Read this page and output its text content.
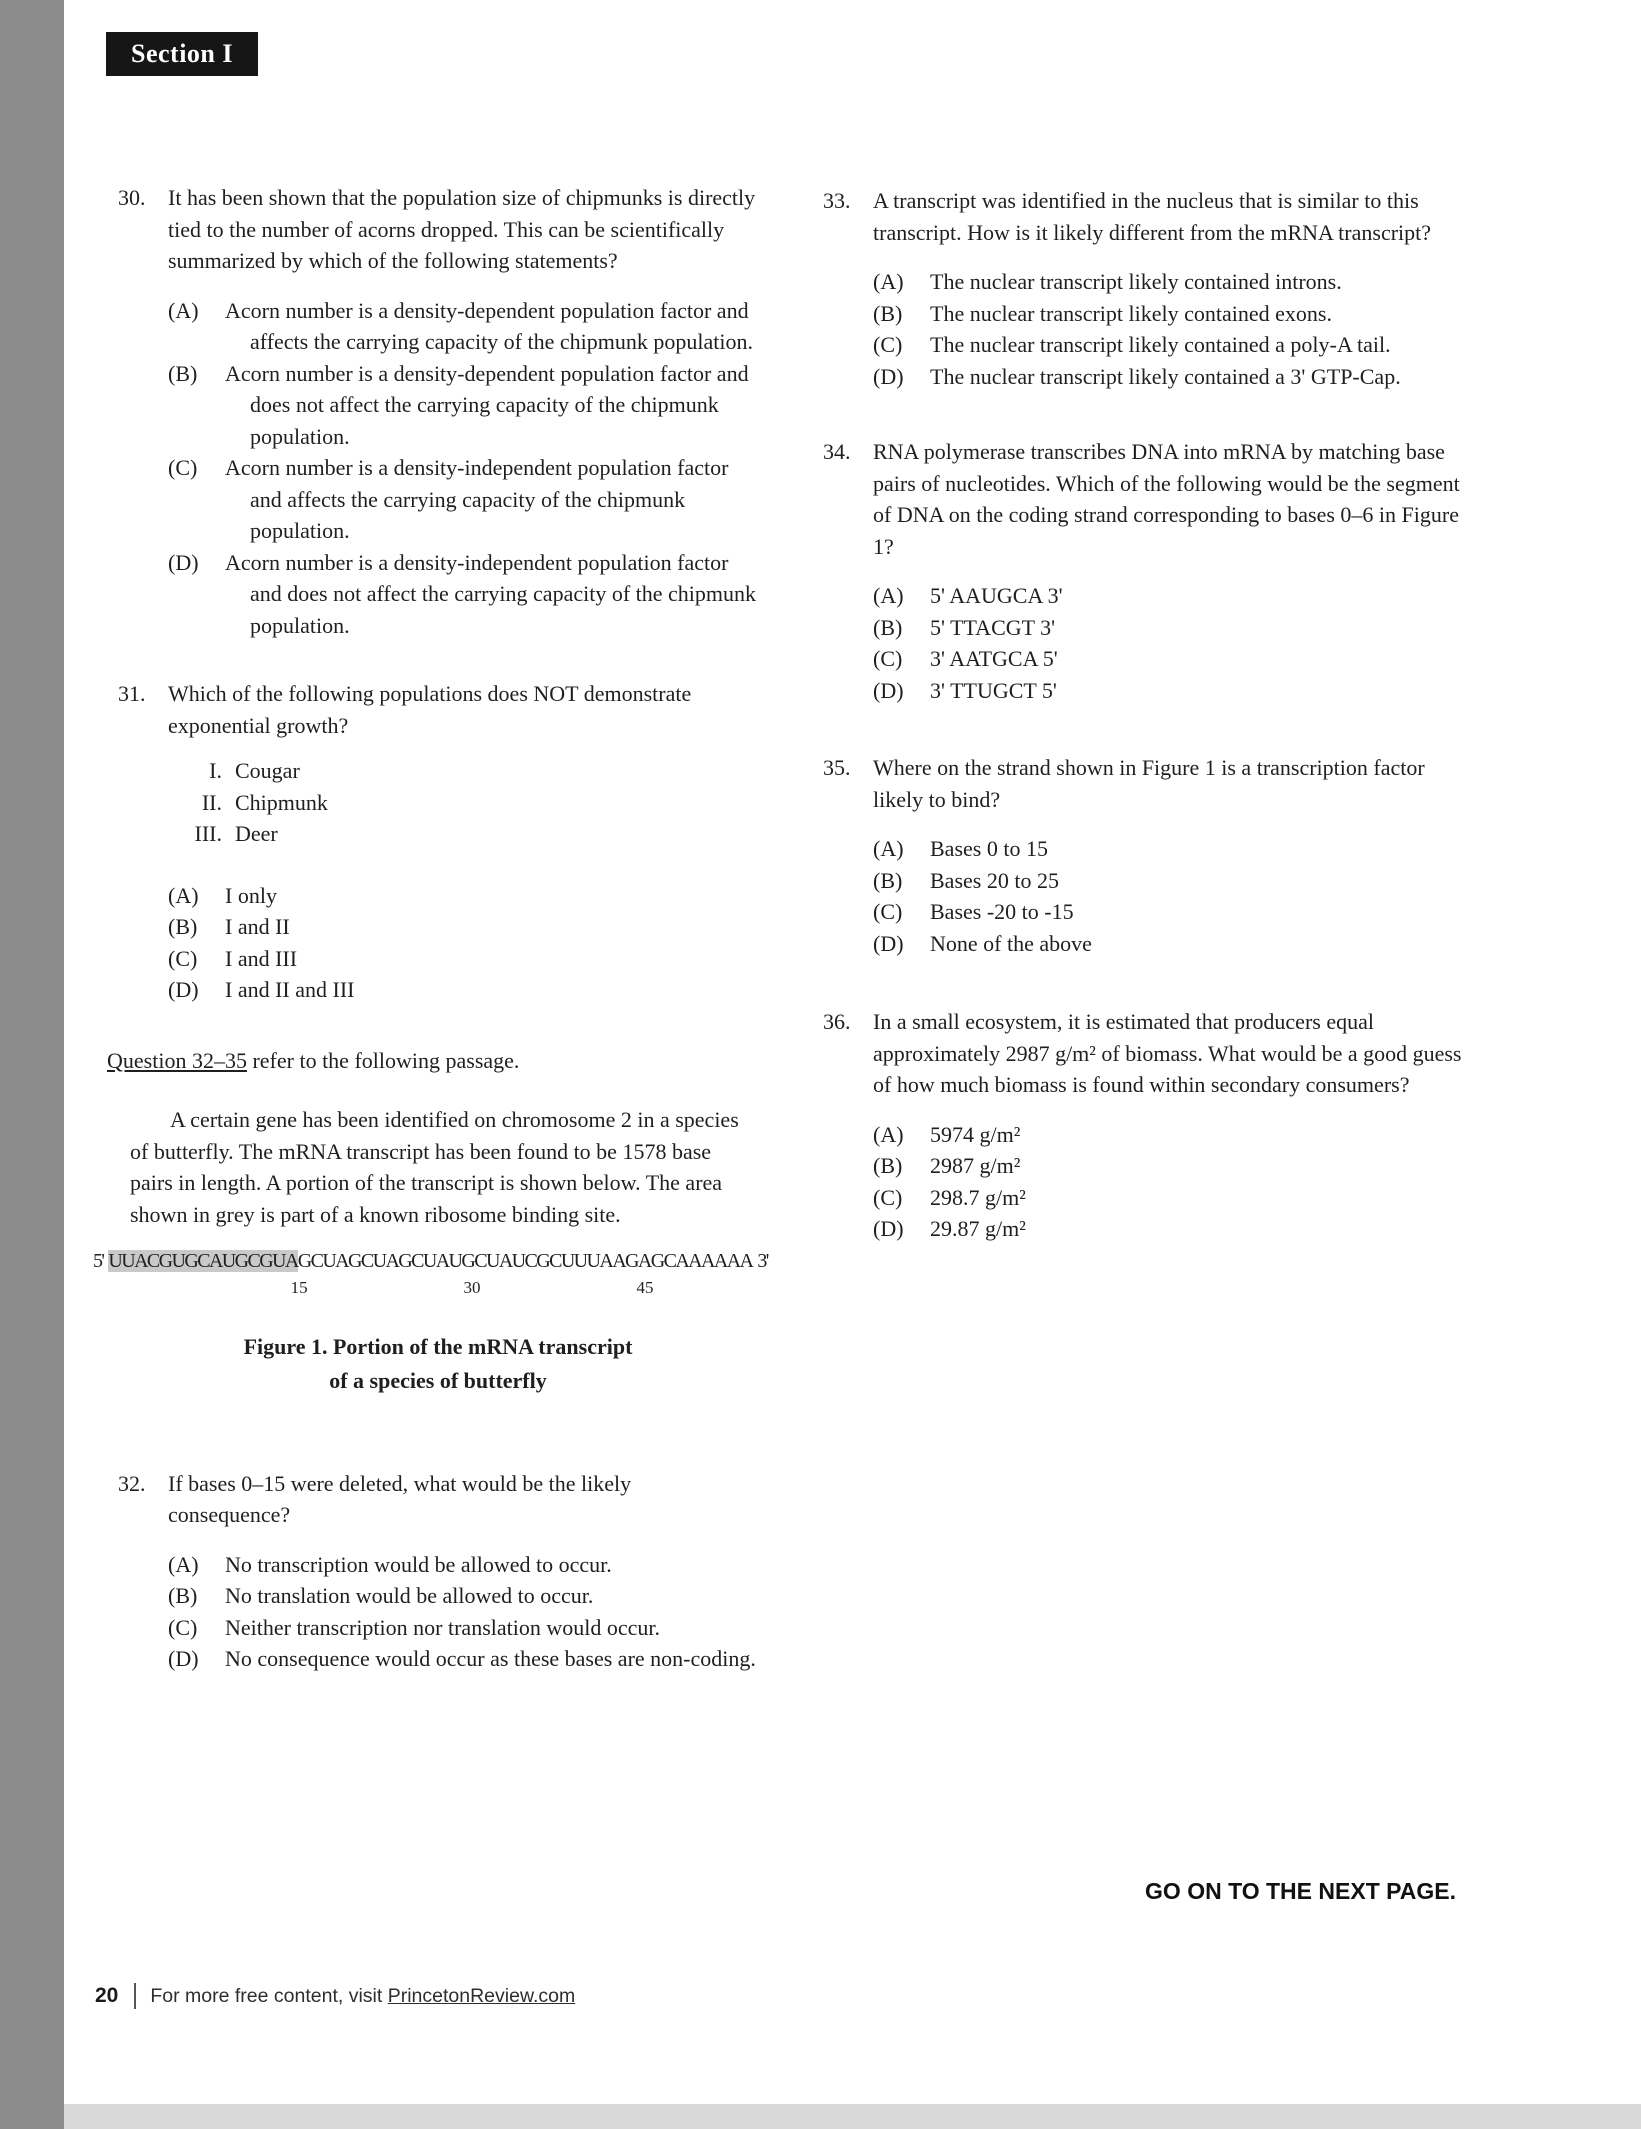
Section I
30.	It has been shown that the population size of chipmunks is directly tied to the number of acorns dropped. This can be scientifically summarized by which of the following statements?
(A)	Acorn number is a density-dependent population factor and affects the carrying capacity of the chipmunk population.
(B)	Acorn number is a density-dependent population factor and does not affect the carrying capacity of the chipmunk population.
(C)	Acorn number is a density-independent population factor and affects the carrying capacity of the chipmunk population.
(D)	Acorn number is a density-independent population factor and does not affect the carrying capacity of the chipmunk population.
31.	Which of the following populations does NOT demonstrate exponential growth?
I. Cougar
II. Chipmunk
III. Deer
(A)	I only
(B)	I and II
(C)	I and III
(D)	I and II and III
Question 32–35 refer to the following passage.
A certain gene has been identified on chromosome 2 in a species of butterfly. The mRNA transcript has been found to be 1578 base pairs in length. A portion of the transcript is shown below. The area shown in grey is part of a known ribosome binding site.
5' UUACGUGCAUGCGUAGCUAGCUAGCUAUGCUAUCGCUUUAAGAGCAAAAAA 3'
15	30	45
Figure 1. Portion of the mRNA transcript
of a species of butterfly
32.	If bases 0–15 were deleted, what would be the likely consequence?
(A)	No transcription would be allowed to occur.
(B)	No translation would be allowed to occur.
(C)	Neither transcription nor translation would occur.
(D)	No consequence would occur as these bases are non-coding.
33.	A transcript was identified in the nucleus that is similar to this transcript. How is it likely different from the mRNA transcript?
(A)	The nuclear transcript likely contained introns.
(B)	The nuclear transcript likely contained exons.
(C)	The nuclear transcript likely contained a poly-A tail.
(D)	The nuclear transcript likely contained a 3' GTP-Cap.
34.	RNA polymerase transcribes DNA into mRNA by matching base pairs of nucleotides. Which of the following would be the segment of DNA on the coding strand corresponding to bases 0–6 in Figure 1?
(A)	5' AAUGCA 3'
(B)	5' TTACGT 3'
(C)	3' AATGCA 5'
(D)	3' TTUGCT 5'
35.	Where on the strand shown in Figure 1 is a transcription factor likely to bind?
(A)	Bases 0 to 15
(B)	Bases 20 to 25
(C)	Bases -20 to -15
(D)	None of the above
36.	In a small ecosystem, it is estimated that producers equal approximately 2987 g/m² of biomass. What would be a good guess of how much biomass is found within secondary consumers?
(A)	5974 g/m²
(B)	2987 g/m²
(C)	298.7 g/m²
(D)	29.87 g/m²
GO ON TO THE NEXT PAGE.
20 For more free content, visit PrincetonReview.com
